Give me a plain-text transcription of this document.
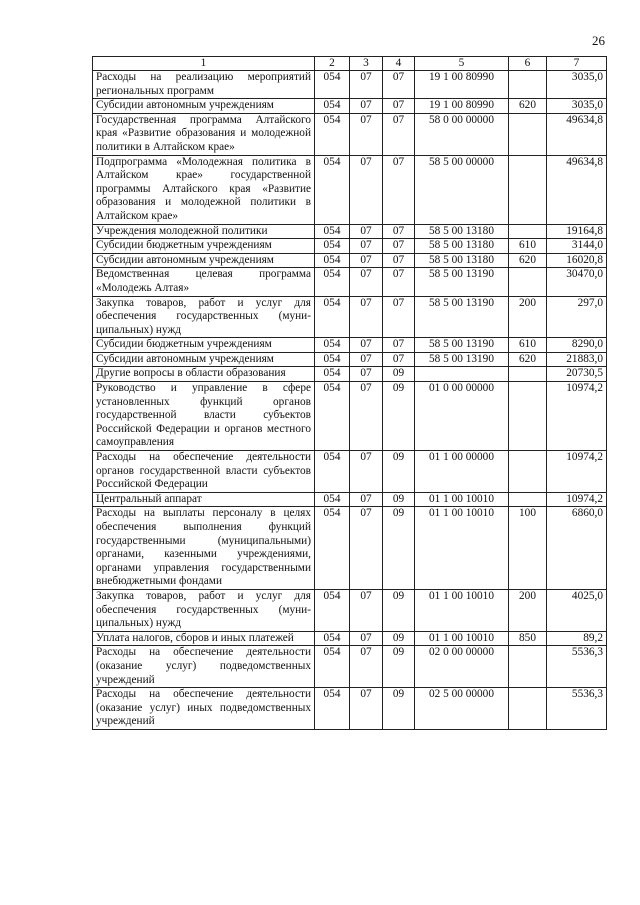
26
1	2	3	4	5	6	7
Расходы на реализацию мероприятий региональных программ	054	07	07	19 1 00 80990		3035,0
Субсидии автономным учреждениям	054	07	07	19 1 00 80990	620	3035,0
Государственная программа Алтайского края «Развитие образования и молодежной политики в Алтайском крае»	054	07	07	58 0 00 00000		49634,8
Подпрограмма «Молодежная политика в Алтайском крае» государственной программы Алтайского края «Развитие образования и молодежной политики в Алтайском крае»	054	07	07	58 5 00 00000		49634,8
Учреждения молодежной политики	054	07	07	58 5 00 13180		19164,8
Субсидии бюджетным учреждениям	054	07	07	58 5 00 13180	610	3144,0
Субсидии автономным учреждениям	054	07	07	58 5 00 13180	620	16020,8
Ведомственная целевая программа «Молодежь Алтая»	054	07	07	58 5 00 13190		30470,0
Закупка товаров, работ и услуг для обеспечения государственных (муниципальных) нужд	054	07	07	58 5 00 13190	200	297,0
Субсидии бюджетным учреждениям	054	07	07	58 5 00 13190	610	8290,0
Субсидии автономным учреждениям	054	07	07	58 5 00 13190	620	21883,0
Другие вопросы в области образования	054	07	09			20730,5
Руководство и управление в сфере установленных функций органов государственной власти субъектов Российской Федерации и органов местного самоуправления	054	07	09	01 0 00 00000		10974,2
Расходы на обеспечение деятельности органов государственной власти субъектов Российской Федерации	054	07	09	01 1 00 00000		10974,2
Центральный аппарат	054	07	09	01 1 00 10010		10974,2
Расходы на выплаты персоналу в целях обеспечения выполнения функций государственными (муниципальными) органами, казенными учреждениями, органами управления государственными внебюджетными фондами	054	07	09	01 1 00 10010	100	6860,0
Закупка товаров, работ и услуг для обеспечения государственных (муниципальных) нужд	054	07	09	01 1 00 10010	200	4025,0
Уплата налогов, сборов и иных платежей	054	07	09	01 1 00 10010	850	89,2
Расходы на обеспечение деятельности (оказание услуг) подведомственных учреждений	054	07	09	02 0 00 00000		5536,3
Расходы на обеспечение деятельности (оказание услуг) иных подведомственных учреждений	054	07	09	02 5 00 00000		5536,3
